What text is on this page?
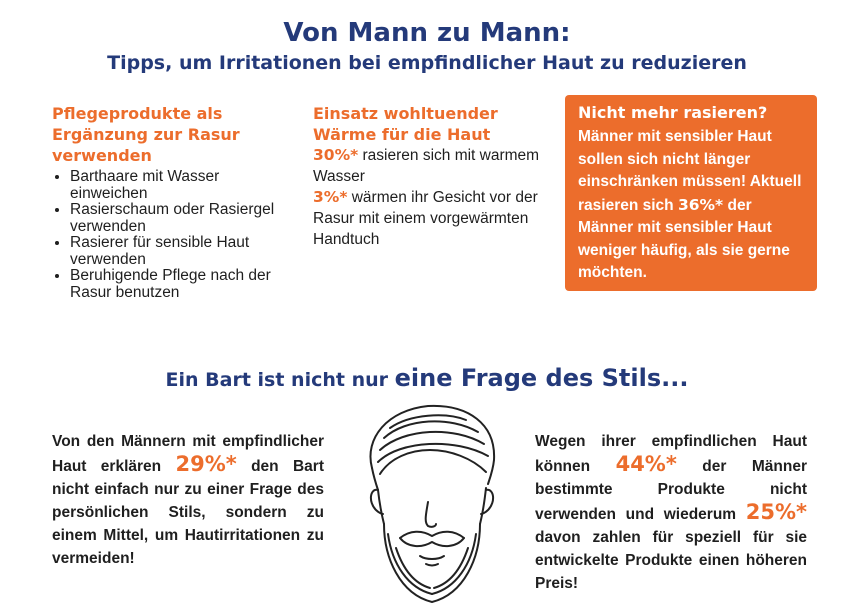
Von Mann zu Mann:
Tipps, um Irritationen bei empfindlicher Haut zu reduzieren
Pflegeprodukte als
Ergänzung zur Rasur
verwenden
• Barthaare mit Wasser einweichen
• Rasierschaum oder Rasiergel verwenden
• Rasierer für sensible Haut verwenden
• Beruhigende Pflege nach der Rasur benutzen
Einsatz wohltuender
Wärme für die Haut

30%* rasieren sich mit warmem Wasser

3%* wärmen ihr Gesicht vor der Rasur mit einem vorgewärmten Handtuch

Nicht mehr rasieren?

Männer mit sensibler Haut sollen sich nicht länger einschränken müssen! Aktuell rasieren sich 36%* der Männer mit sensibler Haut weniger häufig, als sie gerne möchten.

Ein Bart ist nicht nur eine Frage des Stils...

Von den Männern mit empfindlicher Haut erklären 29%* den Bart nicht einfach nur zu einer Frage des persönlichen Stils, sondern zu einem Mittel, um Hautirritationen zu vermeiden!

Wegen ihrer empfindlichen Haut können 44%* der Männer bestimmte Produkte nicht verwenden und wiederum 25%* davon zahlen für speziell für sie entwickelte Produkte einen höheren Preis!
